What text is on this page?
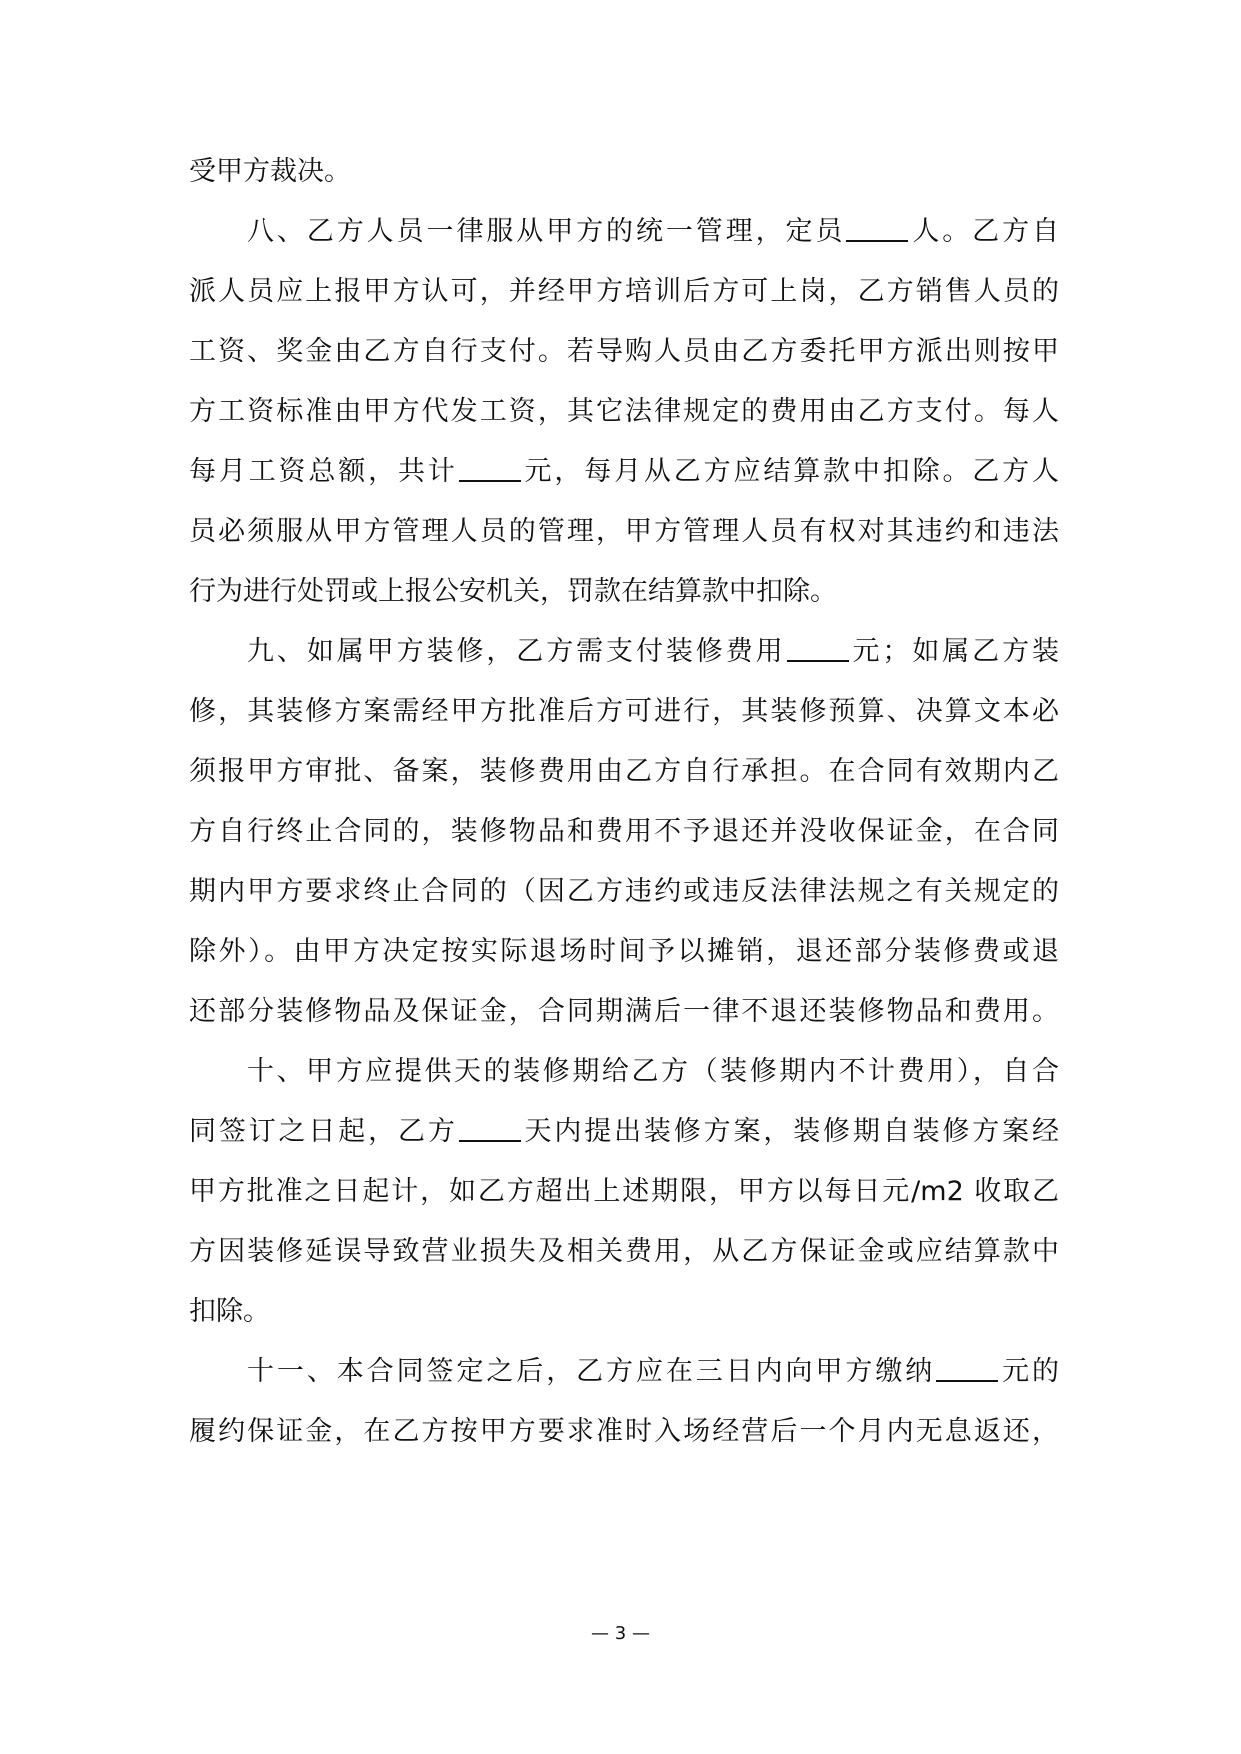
受甲方裁决。
八、乙方人员一律服从甲方的统一管理，定员 人。乙方自
派人员应上报甲方认可，并经甲方培训后方可上岗，乙方销售人员的
工资、奖金由乙方自行支付。若导购人员由乙方委托甲方派出则按甲
方工资标准由甲方代发工资，其它法律规定的费用由乙方支付。每人
每月工资总额，共计 元，每月从乙方应结算款中扣除。乙方人
员必须服从甲方管理人员的管理，甲方管理人员有权对其违约和违法
行为进行处罚或上报公安机关，罚款在结算款中扣除。
九、如属甲方装修，乙方需支付装修费用 元；如属乙方装
修，其装修方案需经甲方批准后方可进行，其装修预算、决算文本必
须报甲方审批、备案，装修费用由乙方自行承担。在合同有效期内乙
方自行终止合同的，装修物品和费用不予退还并没收保证金，在合同
期内甲方要求终止合同的（因乙方违约或违反法律法规之有关规定的
除外）。由甲方决定按实际退场时间予以摊销，退还部分装修费或退
还部分装修物品及保证金，合同期满后一律不退还装修物品和费用。
十、甲方应提供天的装修期给乙方（装修期内不计费用），自合
同签订之日起，乙方 天内提出装修方案，装修期自装修方案经
甲方批准之日起计，如乙方超出上述期限，甲方以每日元/m2 收取乙
方因装修延误导致营业损失及相关费用，从乙方保证金或应结算款中
扣除。
十一、本合同签定之后，乙方应在三日内向甲方缴纳 元的
履约保证金，在乙方按甲方要求准时入场经营后一个月内无息返还，
— 3 —
